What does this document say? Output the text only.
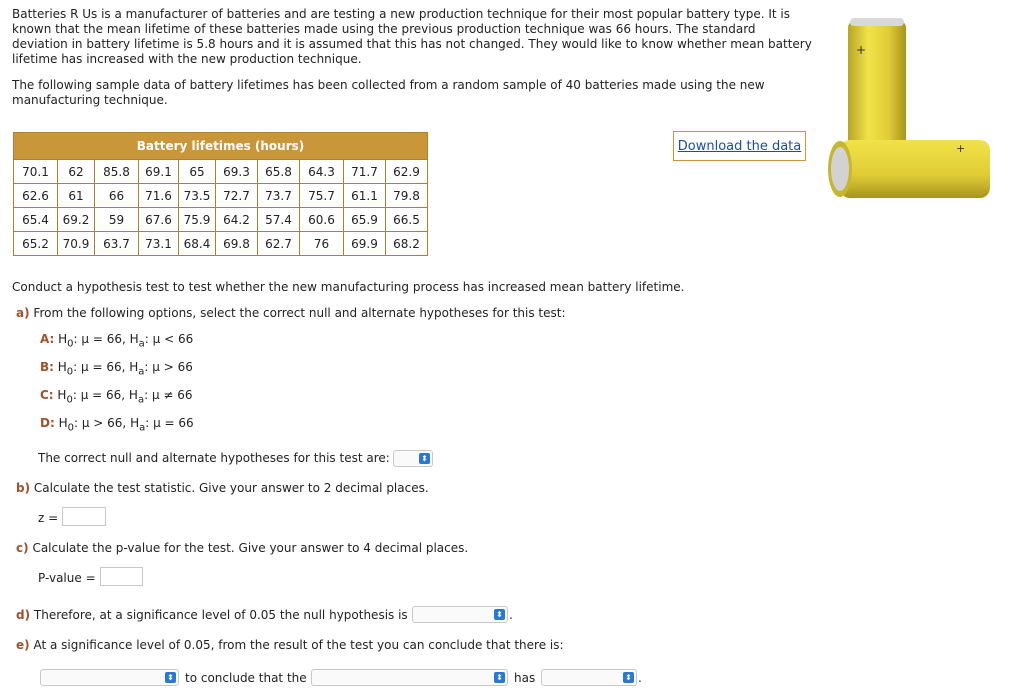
Batteries R Us is a manufacturer of batteries and are testing a new production technique for their most popular battery type. It is known that the mean lifetime of these batteries made using the previous production technique was 66 hours. The standard deviation in battery lifetime is 5.8 hours and it is assumed that this has not changed. They would like to know whether mean battery lifetime has increased with the new production technique.

The following sample data of battery lifetimes has been collected from a random sample of 40 batteries made using the new manufacturing technique.

Battery lifetimes (hours)									
70.1	62	85.8	69.1	65	69.3	65.8	64.3	71.7	62.9
62.6	61	66	71.6	73.5	72.7	73.7	75.7	61.1	79.8
65.4	69.2	59	67.6	75.9	64.2	57.4	60.6	65.9	66.5
65.2	70.9	63.7	73.1	68.4	69.8	62.7	76	69.9	68.2
Download the data
+
+
Conduct a hypothesis test to test whether the new manufacturing process has increased mean battery lifetime.
a) From the following options, select the correct null and alternate hypotheses for this test:
A: $H_0$: μ = 66, $H_a$: μ < 66
B: $H_0$: μ = 66, $H_a$: μ > 66
C: $H_0$: μ = 66, $H_a$: μ ≠ 66
D: $H_0$: μ > 66, $H_a$: μ = 66
The correct null and alternate hypotheses for this test are:	⬍
b) Calculate the test statistic. Give your answer to 2 decimal places.
z =
c) Calculate the p-value for the test. Give your answer to 4 decimal places.
P-value =
d) Therefore, at a significance level of 0.05 the null hypothesis is	⬍ .
e) At a significance level of 0.05, from the result of the test you can conclude that there is:
⬍ to conclude that the	⬍ has	⬍ .
